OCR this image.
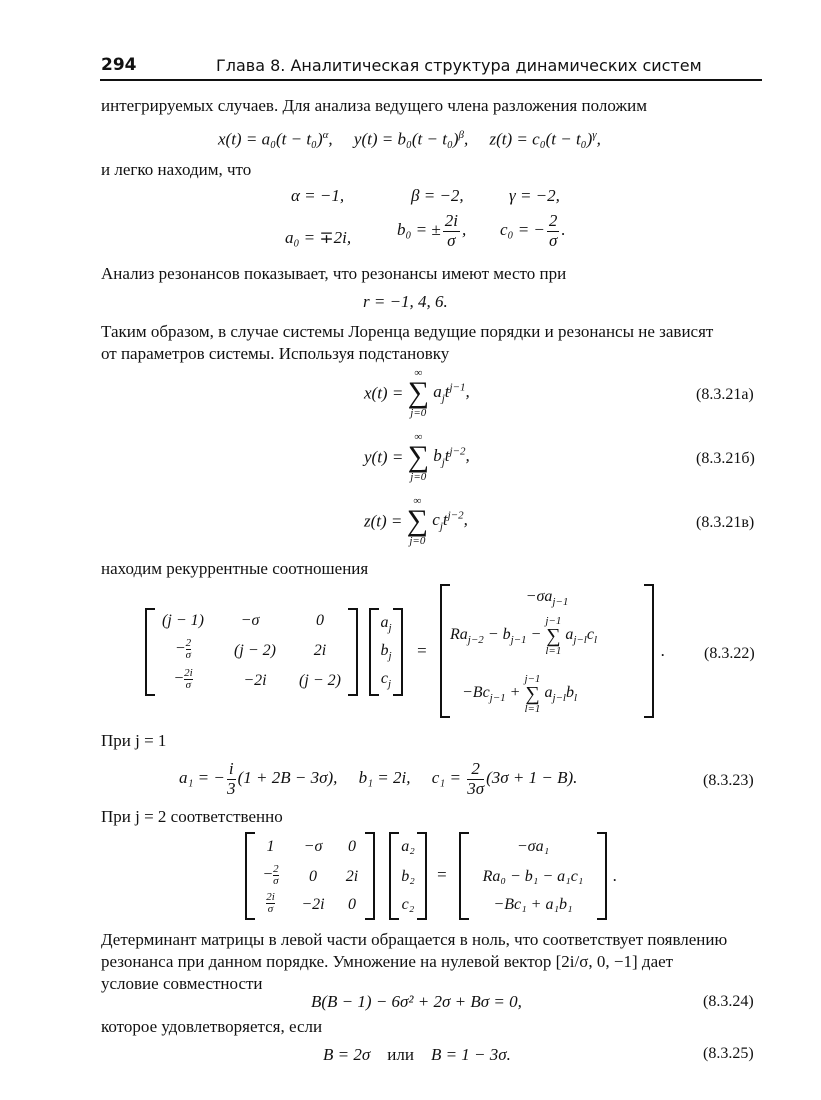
294	Глава 8. Аналитическая структура динамических систем
интегрируемых случаев. Для анализа ведущего члена разложения положим
$x(t) = a_0(t - t_0)^\alpha$,     $y(t) = b_0(t - t_0)^\beta$,     $z(t) = c_0(t - t_0)^\gamma$,
и легко находим, что
α = −1,	β = −2,	γ = −2,
a₀ = ∓2i,	b₀ = ± $\frac{2i}{\sigma}$ , c₀ = − $\frac{2}{\sigma}$ .
Анализ резонансов показывает, что резонансы имеют место при
r = −1, 4, 6.
Таким образом, в случае системы Лоренца ведущие порядки и резонансы не зависят
от параметров системы. Используя подстановку
x(t) =
∞
∑
j=0
$a_jt^{j-1}$,	(8.3.21а)
y(t) =
∞
∑
j=0
$b_jt^{j-2}$,	(8.3.21б)
z(t) =
∞
∑
j=0
$c_jt^{j-2}$,	(8.3.21в)
находим рекуррентные соотношения
(j − 1)	−σ	0
− $\frac{2}{\sigma}$	(j − 2)	2i
− $\frac{2i}{\sigma}$	−2i	(j − 2)
$a_j$
$b_j$
$c_j$
=
$-\sigma a_{j-1}$
$Ra_{j-2} - b_{j-1}$ −
j−1
∑
l=1
$a_{j-l}c_l$
$-Bc_{j-1}$ +
j−1
∑
l=1
$a_{j-l}b_l$
. (8.3.22)
При j = 1
a₁ = − $\frac{i}{3} (1 + 2B - 3\sigma)$, b₁ = 2i, $c_1 = \frac{2}{3\sigma} (3\sigma + 1 - B)$.	(8.3.23)
При j = 2 соответственно
1	−σ	0
− $\frac{2}{\sigma}$	0	2i
$\frac{2i}{\sigma}$	−2i	0
a₂
b₂
c₂
=
−σa₁
Ra₀ − b₁ − a₁c₁
−Bc₁ + a₁b₁
.
Детерминант матрицы в левой части обращается в ноль, что соответствует появлению
резонанса при данном порядке. Умножение на нулевой вектор [2i/σ, 0, −1] дает
условие совместности
B(B − 1) − 6σ² + 2σ + Bσ = 0,	(8.3.24)
которое удовлетворяется, если
B = 2σ или B = 1 − 3σ.	(8.3.25)
